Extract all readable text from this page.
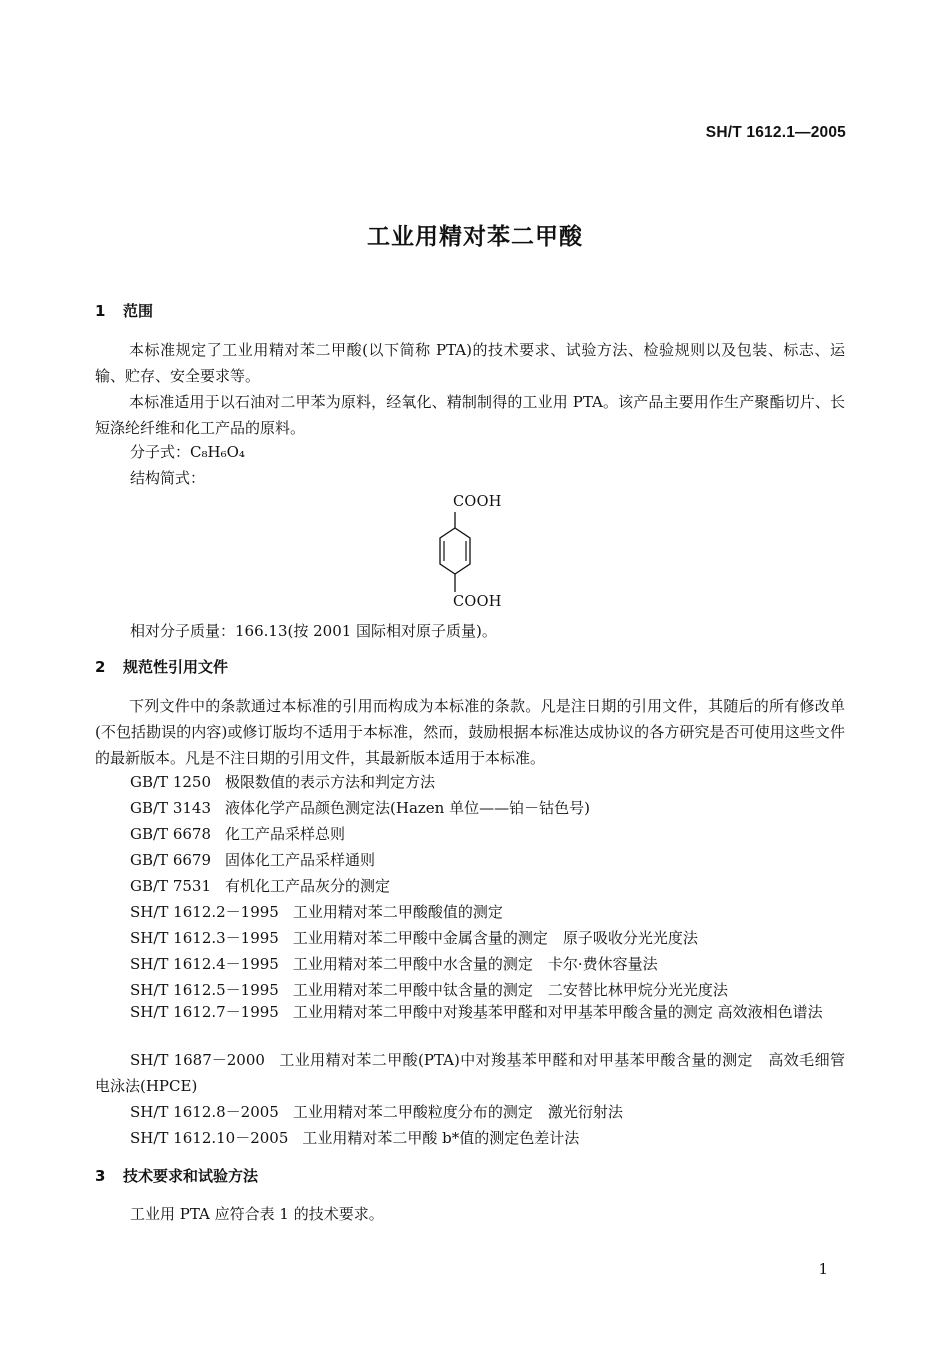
SH/T 1612.1—2005
工业用精对苯二甲酸
1 范围
本标准规定了工业用精对苯二甲酸(以下简称 PTA)的技术要求、试验方法、检验规则以及包装、标志、运输、贮存、安全要求等。
本标准适用于以石油对二甲苯为原料，经氧化、精制制得的工业用 PTA。该产品主要用作生产聚酯切片、长短涤纶纤维和化工产品的原料。
分子式：C₈H₆O₄
结构简式：
COOH
COOH
相对分子质量：166.13(按 2001 国际相对原子质量)。
2 规范性引用文件
下列文件中的条款通过本标准的引用而构成为本标准的条款。凡是注日期的引用文件，其随后的所有修改单(不包括勘误的内容)或修订版均不适用于本标准，然而，鼓励根据本标准达成协议的各方研究是否可使用这些文件的最新版本。凡是不注日期的引用文件，其最新版本适用于本标准。
GB/T 1250 极限数值的表示方法和判定方法
GB/T 3143 液体化学产品颜色测定法(Hazen 单位——铂－钴色号)
GB/T 6678 化工产品采样总则
GB/T 6679 固体化工产品采样通则
GB/T 7531 有机化工产品灰分的测定
SH/T 1612.2－1995 工业用精对苯二甲酸酸值的测定
SH/T 1612.3－1995 工业用精对苯二甲酸中金属含量的测定　原子吸收分光光度法
SH/T 1612.4－1995 工业用精对苯二甲酸中水含量的测定　卡尔·费休容量法
SH/T 1612.5－1995 工业用精对苯二甲酸中钛含量的测定　二安替比林甲烷分光光度法
SH/T 1612.7－1995 工业用精对苯二甲酸中对羧基苯甲醛和对甲基苯甲酸含量的测定 高效液相色谱法
SH/T 1687－2000 工业用精对苯二甲酸(PTA)中对羧基苯甲醛和对甲基苯甲酸含量的测定　高效毛细管电泳法(HPCE)
SH/T 1612.8－2005 工业用精对苯二甲酸粒度分布的测定　激光衍射法
SH/T 1612.10－2005 工业用精对苯二甲酸 b*值的测定色差计法
3 技术要求和试验方法
工业用 PTA 应符合表 1 的技术要求。
1
